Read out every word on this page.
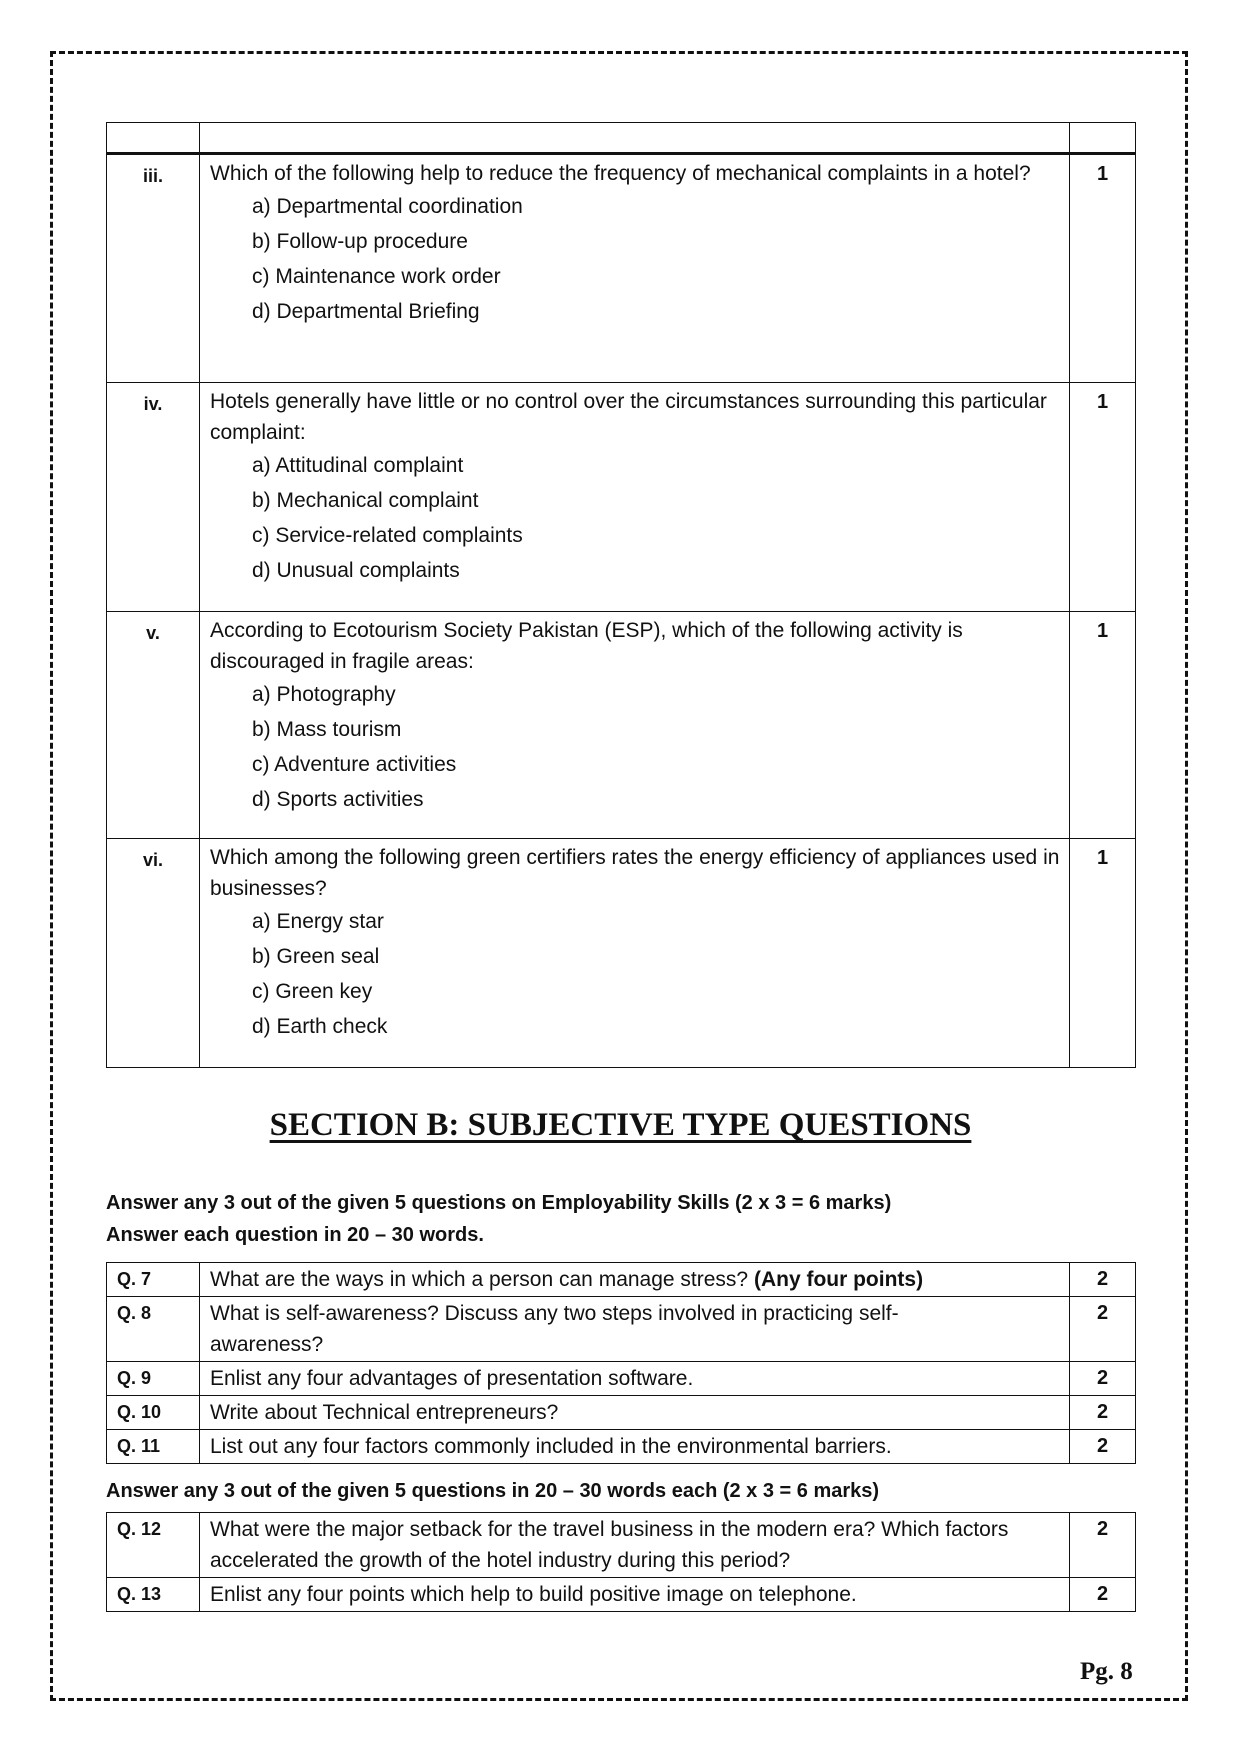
iii.	Which of the following help to reduce the frequency of mechanical complaints in a hotel?
a) Departmental coordination
b) Follow-up procedure
c) Maintenance work order
d) Departmental Briefing	1
iv.	Hotels generally have little or no control over the circumstances surrounding this particular complaint:
a) Attitudinal complaint
b) Mechanical complaint
c) Service-related complaints
d) Unusual complaints	1
v.	According to Ecotourism Society Pakistan (ESP), which of the following activity is discouraged in fragile areas:
a) Photography
b) Mass tourism
c) Adventure activities
d) Sports activities	1
vi.	Which among the following green certifiers rates the energy efficiency of appliances used in businesses?
a) Energy star
b) Green seal
c) Green key
d) Earth check	1
SECTION B: SUBJECTIVE TYPE QUESTIONS
Answer any 3 out of the given 5 questions on Employability Skills (2 x 3 = 6 marks)
Answer each question in 20 – 30 words.
Q. 7	What are the ways in which a person can manage stress? (Any four points)	2
Q. 8	What is self-awareness? Discuss any two steps involved in practicing self-awareness?	2
Q. 9	Enlist any four advantages of presentation software.	2
Q. 10	Write about Technical entrepreneurs?	2
Q. 11	List out any four factors commonly included in the environmental barriers.	2
Answer any 3 out of the given 5 questions in 20 – 30 words each (2 x 3 = 6 marks)
Q. 12	What were the major setback for the travel business in the modern era? Which factors accelerated the growth of the hotel industry during this period?	2
Q. 13	Enlist any four points which help to build positive image on telephone.	2
Pg. 8
